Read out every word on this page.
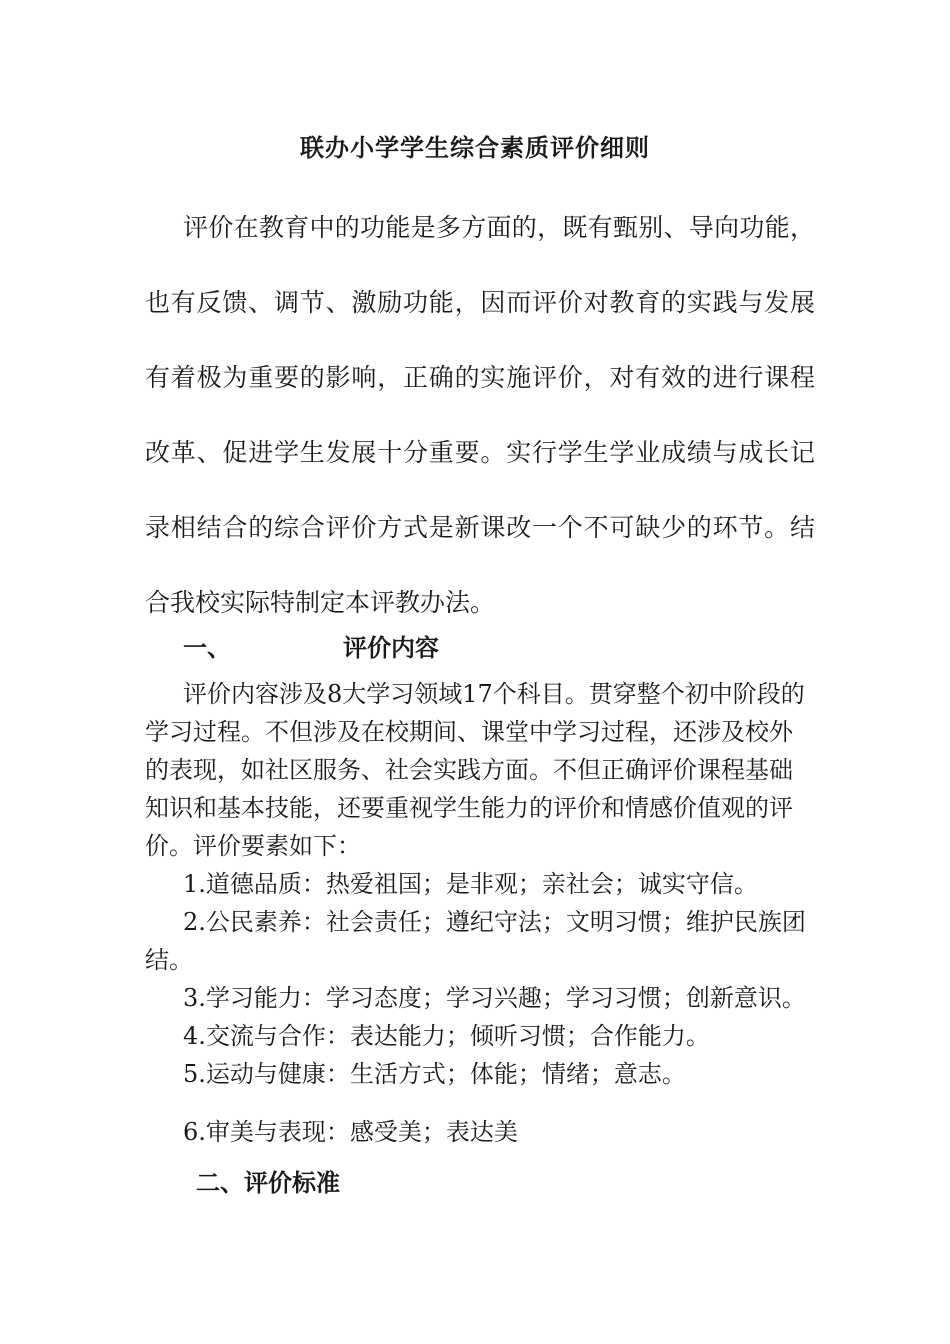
联办小学学生综合素质评价细则

评价在教育中的功能是多方面的，既有甄别、导向功能，也有反馈、调节、激励功能，因而评价对教育的实践与发展有着极为重要的影响，正确的实施评价，对有效的进行课程改革、促进学生发展十分重要。实行学生学业成绩与成长记录相结合的综合评价方式是新课改一个不可缺少的环节。结合我校实际特制定本评教办法。

一、	评价内容

评价内容涉及8大学习领域17个科目。贯穿整个初中阶段的学习过程。不但涉及在校期间、课堂中学习过程，还涉及校外的表现，如社区服务、社会实践方面。不但正确评价课程基础知识和基本技能，还要重视学生能力的评价和情感价值观的评价。评价要素如下：

1.道德品质：热爱祖国；是非观；亲社会；诚实守信。

2.公民素养：社会责任；遵纪守法；文明习惯；维护民族团结。

3.学习能力：学习态度；学习兴趣；学习习惯；创新意识。

4.交流与合作：表达能力；倾听习惯；合作能力。

5.运动与健康：生活方式；体能；情绪；意志。

6.审美与表现：感受美；表达美
二、评价标准
